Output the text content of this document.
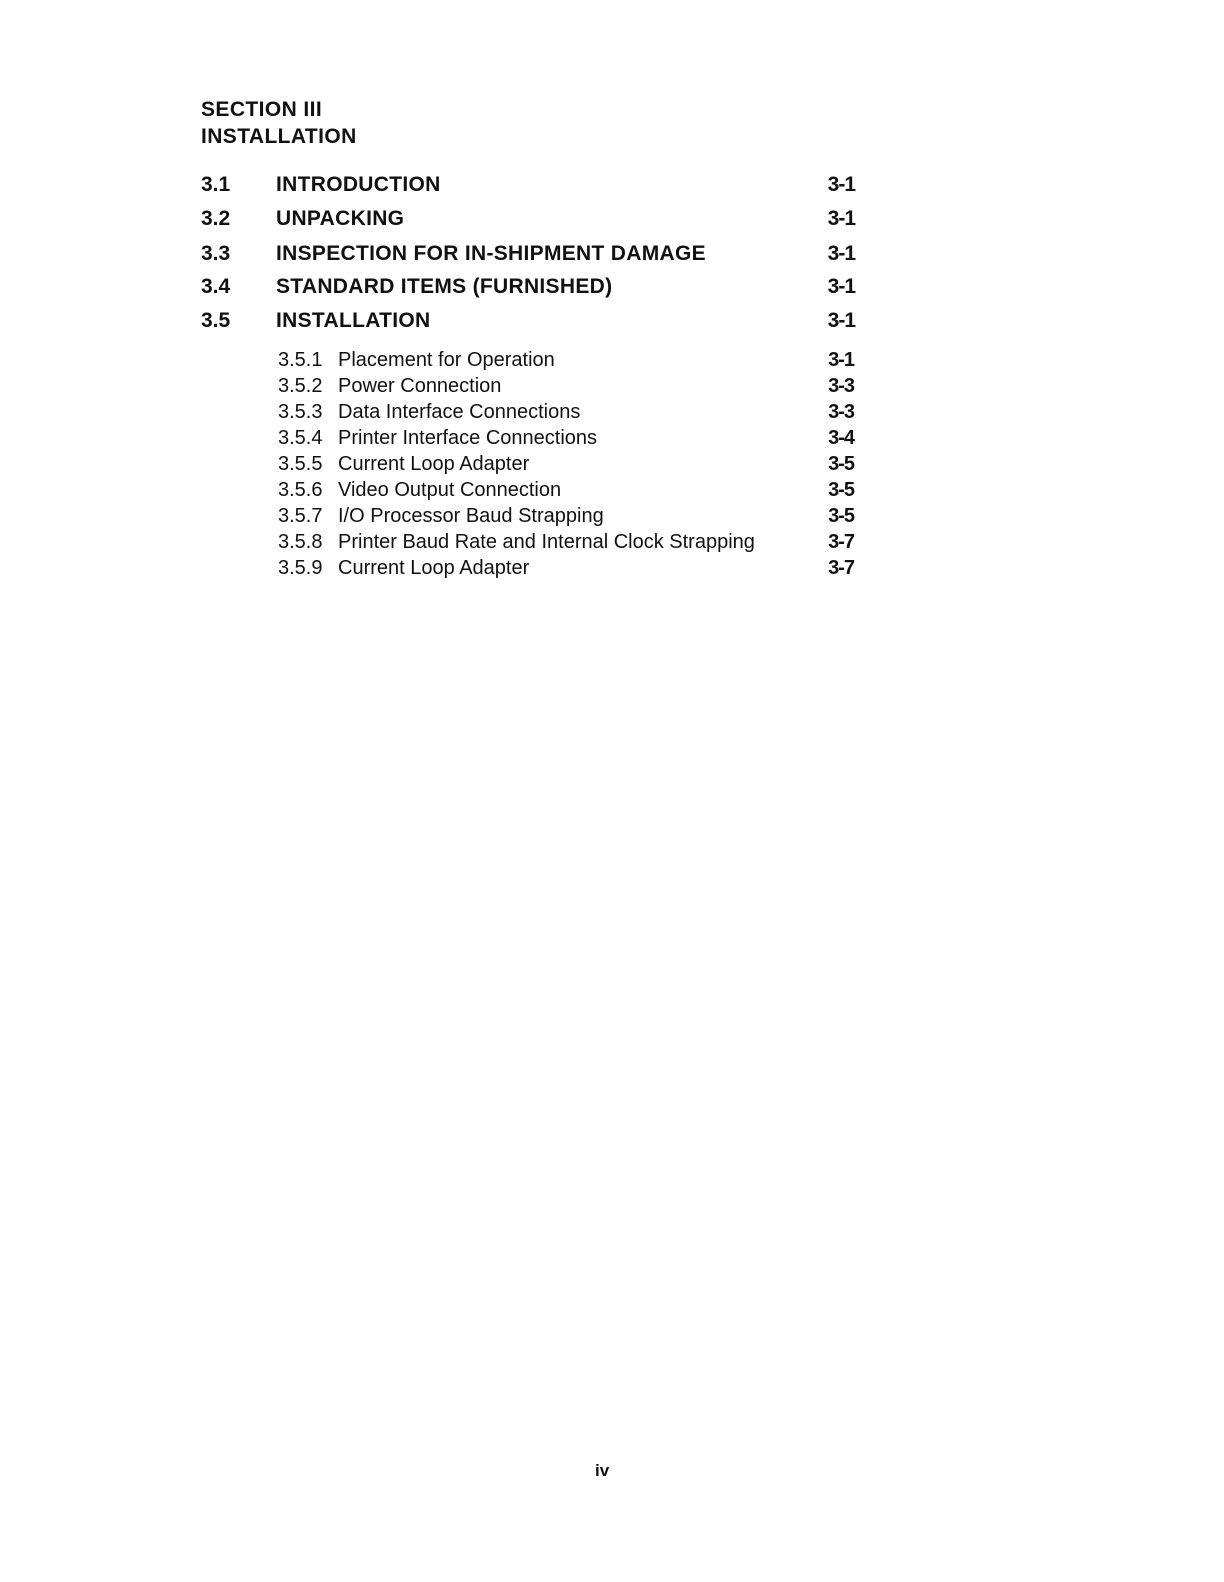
SECTION III
INSTALLATION
3.1 INTRODUCTION	3-1
3.2 UNPACKING	3-1
3.3 INSPECTION FOR IN-SHIPMENT DAMAGE	3-1
3.4 STANDARD ITEMS (FURNISHED)	3-1
3.5 INSTALLATION	3-1
3.5.1 Placement for Operation	3-1
3.5.2 Power Connection	3-3
3.5.3 Data Interface Connections	3-3
3.5.4 Printer Interface Connections	3-4
3.5.5 Current Loop Adapter	3-5
3.5.6 Video Output Connection	3-5
3.5.7 I/O Processor Baud Strapping	3-5
3.5.8 Printer Baud Rate and Internal Clock Strapping	3-7
3.5.9 Current Loop Adapter	3-7
iv
